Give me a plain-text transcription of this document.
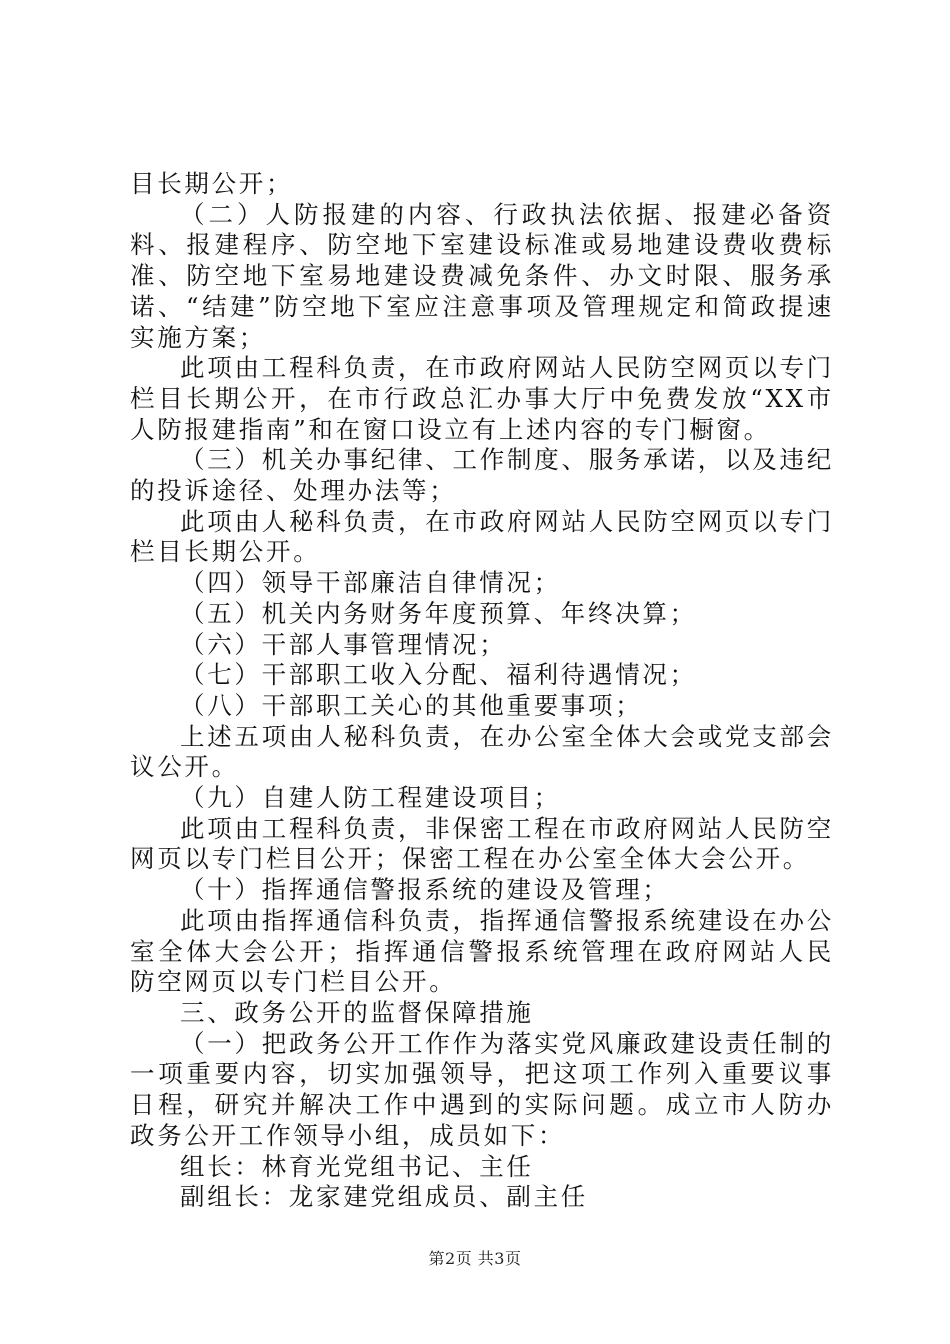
目长期公开；

（二）人防报建的内容、行政执法依据、报建必备资料、报建程序、防空地下室建设标准或易地建设费收费标准、防空地下室易地建设费减免条件、办文时限、服务承诺、“结建”防空地下室应注意事项及管理规定和简政提速实施方案；

此项由工程科负责，在市政府网站人民防空网页以专门栏目长期公开，在市行政总汇办事大厅中免费发放“XX市人防报建指南”和在窗口设立有上述内容的专门橱窗。

（三）机关办事纪律、工作制度、服务承诺，以及违纪的投诉途径、处理办法等；

此项由人秘科负责，在市政府网站人民防空网页以专门栏目长期公开。

（四）领导干部廉洁自律情况；

（五）机关内务财务年度预算、年终决算；

（六）干部人事管理情况；

（七）干部职工收入分配、福利待遇情况；

（八）干部职工关心的其他重要事项；

上述五项由人秘科负责，在办公室全体大会或党支部会议公开。

（九）自建人防工程建设项目；

此项由工程科负责，非保密工程在市政府网站人民防空网页以专门栏目公开；保密工程在办公室全体大会公开。

（十）指挥通信警报系统的建设及管理；

此项由指挥通信科负责，指挥通信警报系统建设在办公室全体大会公开；指挥通信警报系统管理在政府网站人民防空网页以专门栏目公开。

三、政务公开的监督保障措施

（一）把政务公开工作作为落实党风廉政建设责任制的一项重要内容，切实加强领导，把这项工作列入重要议事日程，研究并解决工作中遇到的实际问题。成立市人防办政务公开工作领导小组，成员如下：

组长：林育光党组书记、主任

副组长：龙家建党组成员、副主任

第2页 共3页
